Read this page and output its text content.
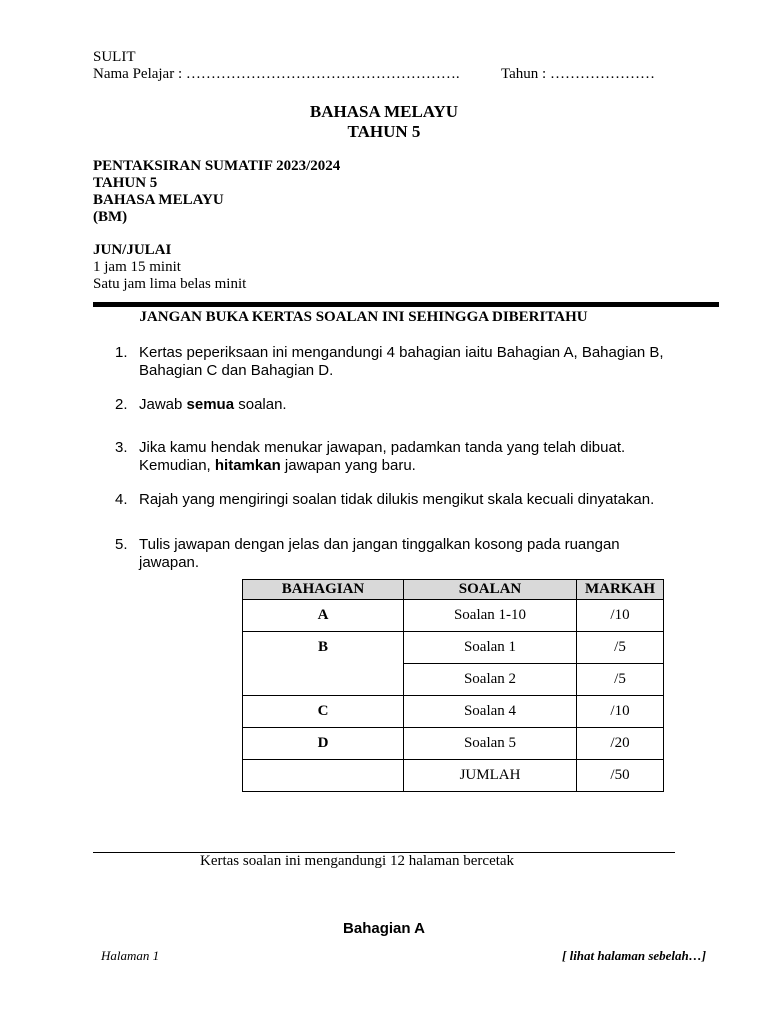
SULIT
Nama Pelajar : ……………………………………………….	Tahun : …………………
BAHASA MELAYU
TAHUN 5
PENTAKSIRAN SUMATIF 2023/2024
TAHUN 5
BAHASA MELAYU
(BM)
JUN/JULAI
1 jam 15 minit
Satu jam lima belas minit
JANGAN BUKA KERTAS SOALAN INI SEHINGGA DIBERITAHU
1. Kertas peperiksaan ini mengandungi 4 bahagian iaitu Bahagian A, Bahagian B, Bahagian C dan Bahagian D.
2. Jawab semua soalan.
3. Jika kamu hendak menukar jawapan, padamkan tanda yang telah dibuat. Kemudian, hitamkan jawapan yang baru.
4. Rajah yang mengiringi soalan tidak dilukis mengikut skala kecuali dinyatakan.
5. Tulis jawapan dengan jelas dan jangan tinggalkan kosong pada ruangan jawapan.
BAHAGIAN	SOALAN	MARKAH
A	Soalan 1-10	/10
B	Soalan 1	/5
	Soalan 2	/5
C	Soalan 4	/10
D	Soalan 5	/20
	JUMLAH	/50
Kertas soalan ini mengandungi 12 halaman bercetak
Bahagian A
Halaman 1	[ lihat halaman sebelah…]
